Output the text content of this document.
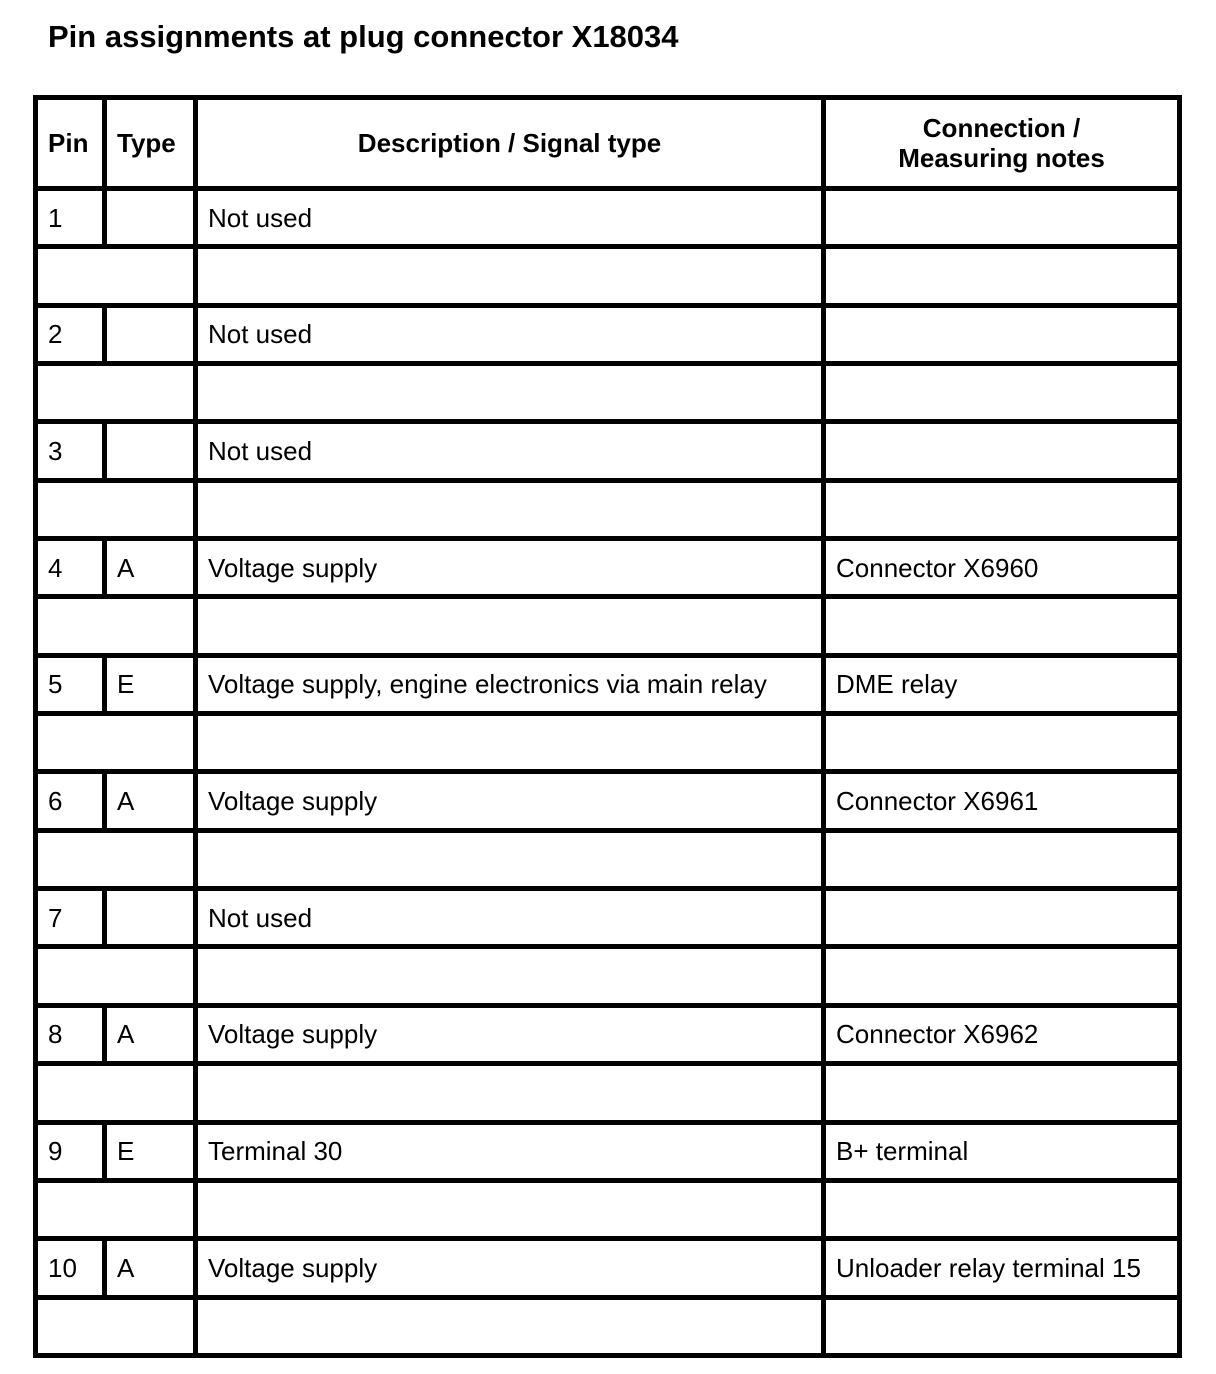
Pin assignments at plug connector X18034
Pin	Type	Description / Signal type	Connection /
Measuring notes
1		Not used	

2		Not used	

3		Not used	

4	A	Voltage supply	Connector X6960

5	E	Voltage supply, engine electronics via main relay	DME relay

6	A	Voltage supply	Connector X6961

7		Not used	

8	A	Voltage supply	Connector X6962

9	E	Terminal 30	B+ terminal

10	A	Voltage supply	Unloader relay terminal 15
